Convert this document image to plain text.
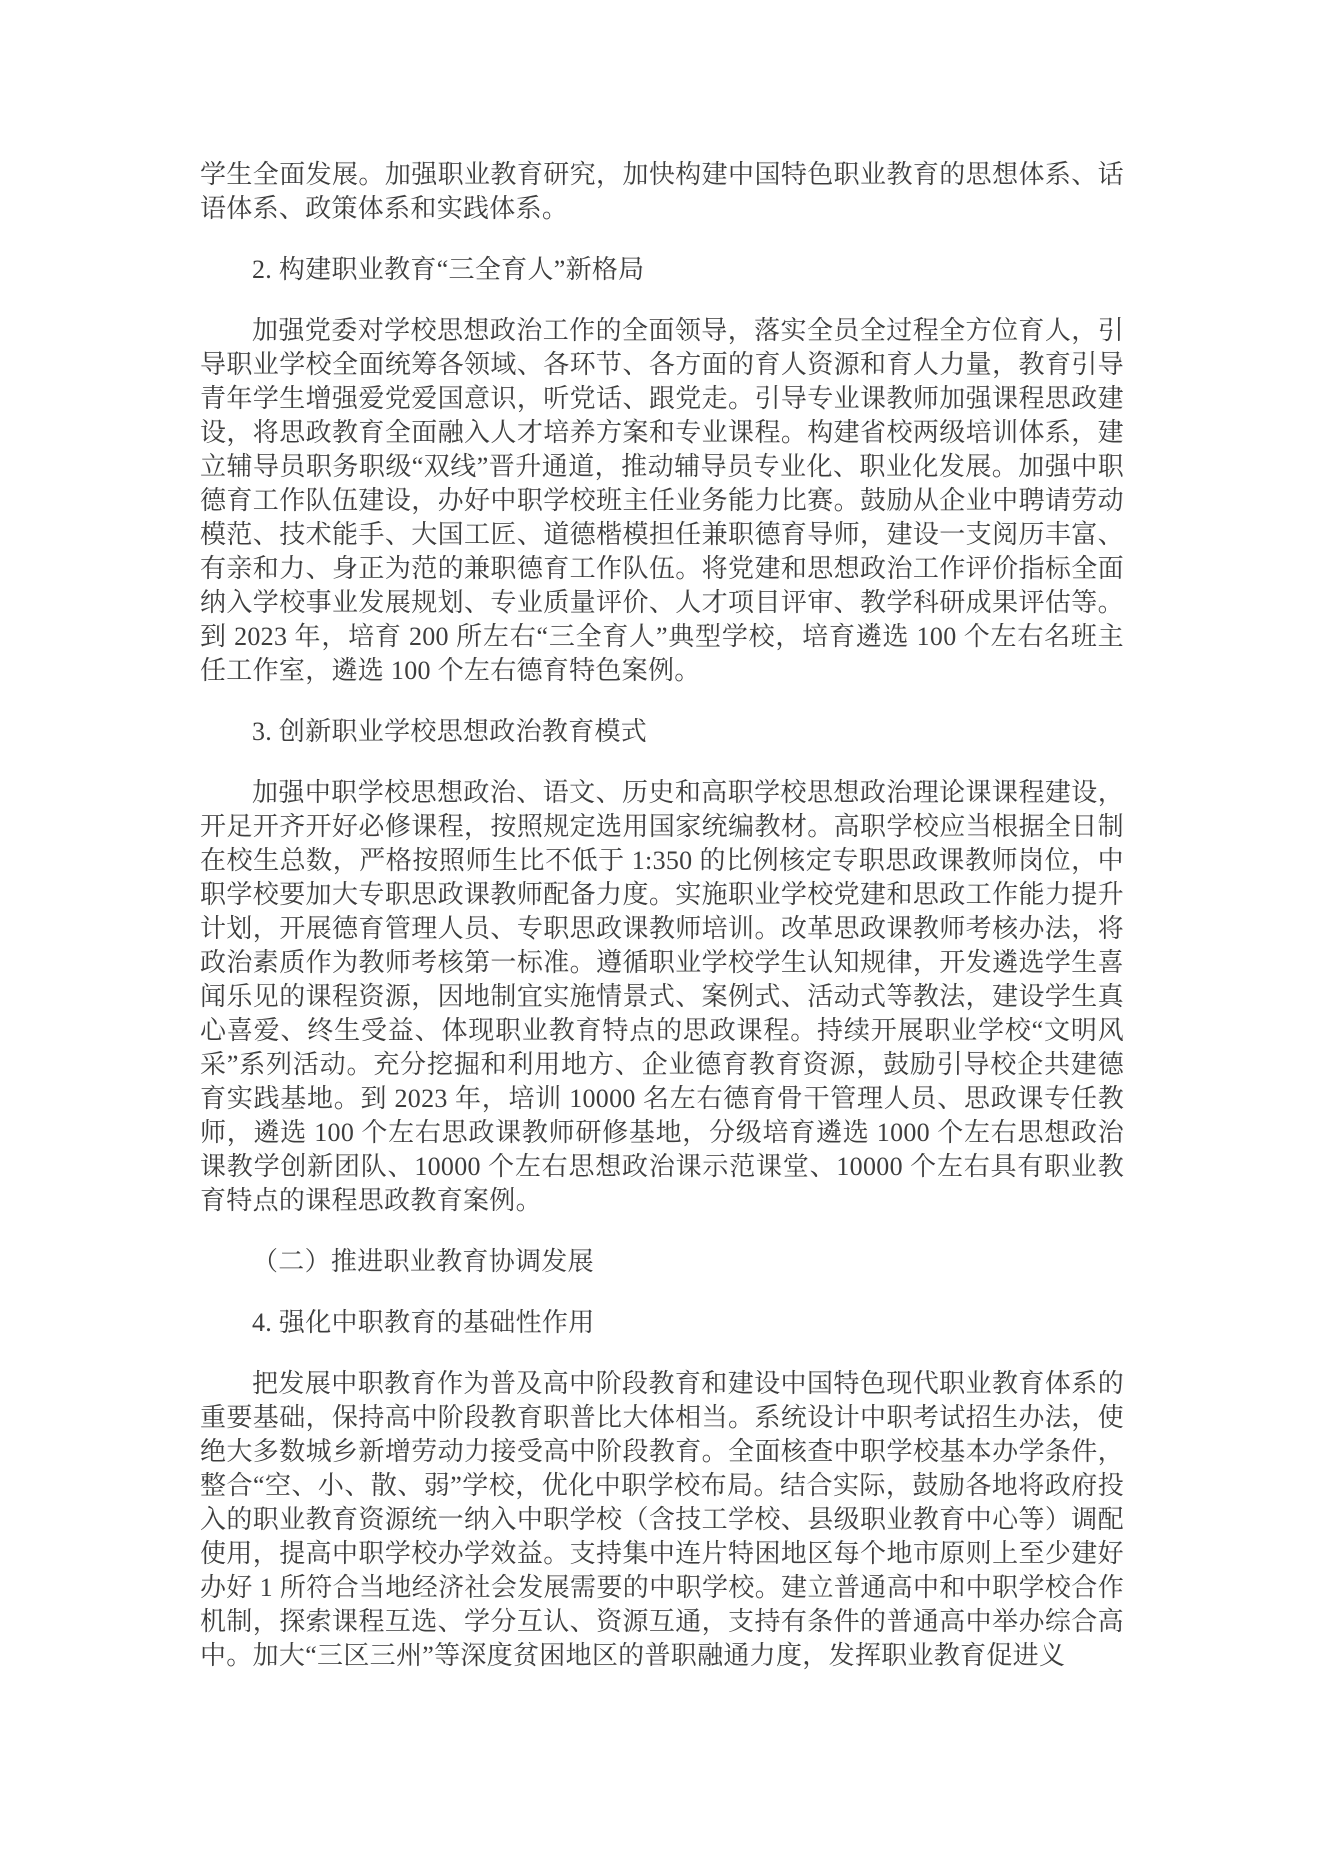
学生全面发展。加强职业教育研究，加快构建中国特色职业教育的思想体系、话语体系、政策体系和实践体系。

2. 构建职业教育“三全育人”新格局

加强党委对学校思想政治工作的全面领导，落实全员全过程全方位育人，引导职业学校全面统筹各领域、各环节、各方面的育人资源和育人力量，教育引导青年学生增强爱党爱国意识，听党话、跟党走。引导专业课教师加强课程思政建设，将思政教育全面融入人才培养方案和专业课程。构建省校两级培训体系，建立辅导员职务职级“双线”晋升通道，推动辅导员专业化、职业化发展。加强中职德育工作队伍建设，办好中职学校班主任业务能力比赛。鼓励从企业中聘请劳动模范、技术能手、大国工匠、道德楷模担任兼职德育导师，建设一支阅历丰富、有亲和力、身正为范的兼职德育工作队伍。将党建和思想政治工作评价指标全面纳入学校事业发展规划、专业质量评价、人才项目评审、教学科研成果评估等。到 2023 年，培育 200 所左右“三全育人”典型学校，培育遴选 100 个左右名班主任工作室，遴选 100 个左右德育特色案例。

3. 创新职业学校思想政治教育模式

加强中职学校思想政治、语文、历史和高职学校思想政治理论课课程建设，开足开齐开好必修课程，按照规定选用国家统编教材。高职学校应当根据全日制在校生总数，严格按照师生比不低于 1:350 的比例核定专职思政课教师岗位，中职学校要加大专职思政课教师配备力度。实施职业学校党建和思政工作能力提升计划，开展德育管理人员、专职思政课教师培训。改革思政课教师考核办法，将政治素质作为教师考核第一标准。遵循职业学校学生认知规律，开发遴选学生喜闻乐见的课程资源，因地制宜实施情景式、案例式、活动式等教法，建设学生真心喜爱、终生受益、体现职业教育特点的思政课程。持续开展职业学校“文明风采”系列活动。充分挖掘和利用地方、企业德育教育资源，鼓励引导校企共建德育实践基地。到 2023 年，培训 10000 名左右德育骨干管理人员、思政课专任教师，遴选 100 个左右思政课教师研修基地，分级培育遴选 1000 个左右思想政治课教学创新团队、10000 个左右思想政治课示范课堂、10000 个左右具有职业教育特点的课程思政教育案例。

（二）推进职业教育协调发展

4. 强化中职教育的基础性作用

把发展中职教育作为普及高中阶段教育和建设中国特色现代职业教育体系的重要基础，保持高中阶段教育职普比大体相当。系统设计中职考试招生办法，使绝大多数城乡新增劳动力接受高中阶段教育。全面核查中职学校基本办学条件，整合“空、小、散、弱”学校，优化中职学校布局。结合实际，鼓励各地将政府投入的职业教育资源统一纳入中职学校（含技工学校、县级职业教育中心等）调配使用，提高中职学校办学效益。支持集中连片特困地区每个地市原则上至少建好办好 1 所符合当地经济社会发展需要的中职学校。建立普通高中和中职学校合作机制，探索课程互选、学分互认、资源互通，支持有条件的普通高中举办综合高中。加大“三区三州”等深度贫困地区的普职融通力度，发挥职业教育促进义
